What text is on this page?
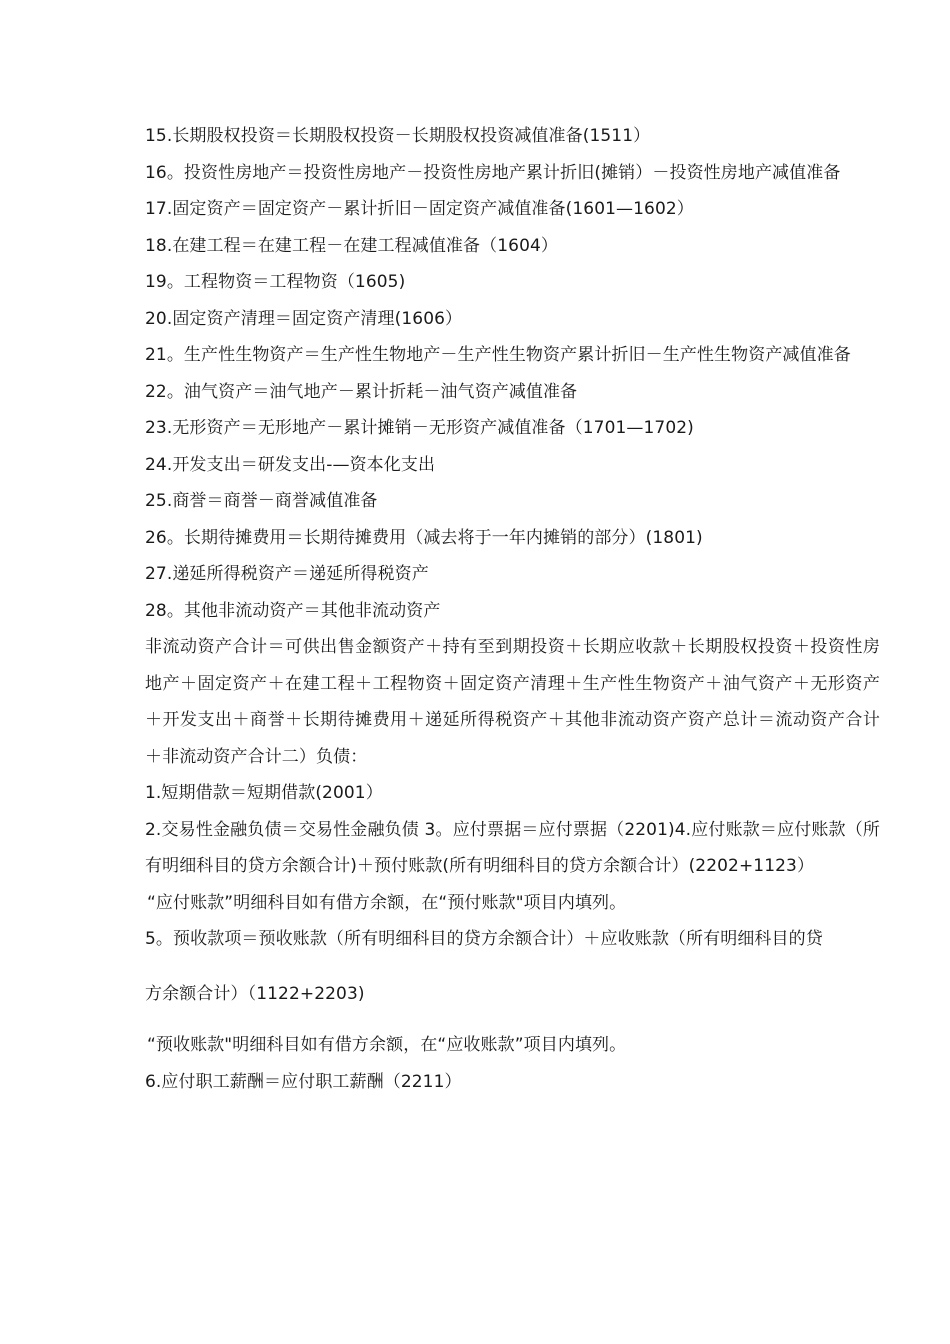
15.长期股权投资＝长期股权投资－长期股权投资减值准备(1511）
16。投资性房地产＝投资性房地产－投资性房地产累计折旧(摊销）－投资性房地产减值准备
17.固定资产＝固定资产－累计折旧－固定资产减值准备(1601—1602）
18.在建工程＝在建工程－在建工程减值准备（1604）
19。工程物资＝工程物资（1605)
20.固定资产清理＝固定资产清理(1606）
21。生产性生物资产＝生产性生物地产－生产性生物资产累计折旧－生产性生物资产减值准备
22。油气资产＝油气地产－累计折耗－油气资产减值准备
23.无形资产＝无形地产－累计摊销－无形资产减值准备（1701—1702)
24.开发支出＝研发支出-—资本化支出
25.商誉＝商誉－商誉减值准备
26。长期待摊费用＝长期待摊费用（减去将于一年内摊销的部分）(1801)
27.递延所得税资产＝递延所得税资产
28。其他非流动资产＝其他非流动资产
非流动资产合计＝可供出售金额资产＋持有至到期投资＋长期应收款＋长期股权投资＋投资性房地产＋固定资产＋在建工程＋工程物资＋固定资产清理＋生产性生物资产＋油气资产＋无形资产＋开发支出＋商誉＋长期待摊费用＋递延所得税资产＋其他非流动资产资产总计＝流动资产合计＋非流动资产合计二）负债：
1.短期借款＝短期借款(2001）
2.交易性金融负债＝交易性金融负债 3。应付票据＝应付票据（2201)4.应付账款＝应付账款（所有明细科目的贷方余额合计)＋预付账款(所有明细科目的贷方余额合计）(2202+1123）
“应付账款”明细科目如有借方余额，在“预付账款"项目内填列。
5。预收款项＝预收账款（所有明细科目的贷方余额合计）＋应收账款（所有明细科目的贷
方余额合计）（1122+2203)
“预收账款"明细科目如有借方余额，在“应收账款”项目内填列。
6.应付职工薪酬＝应付职工薪酬（2211）
